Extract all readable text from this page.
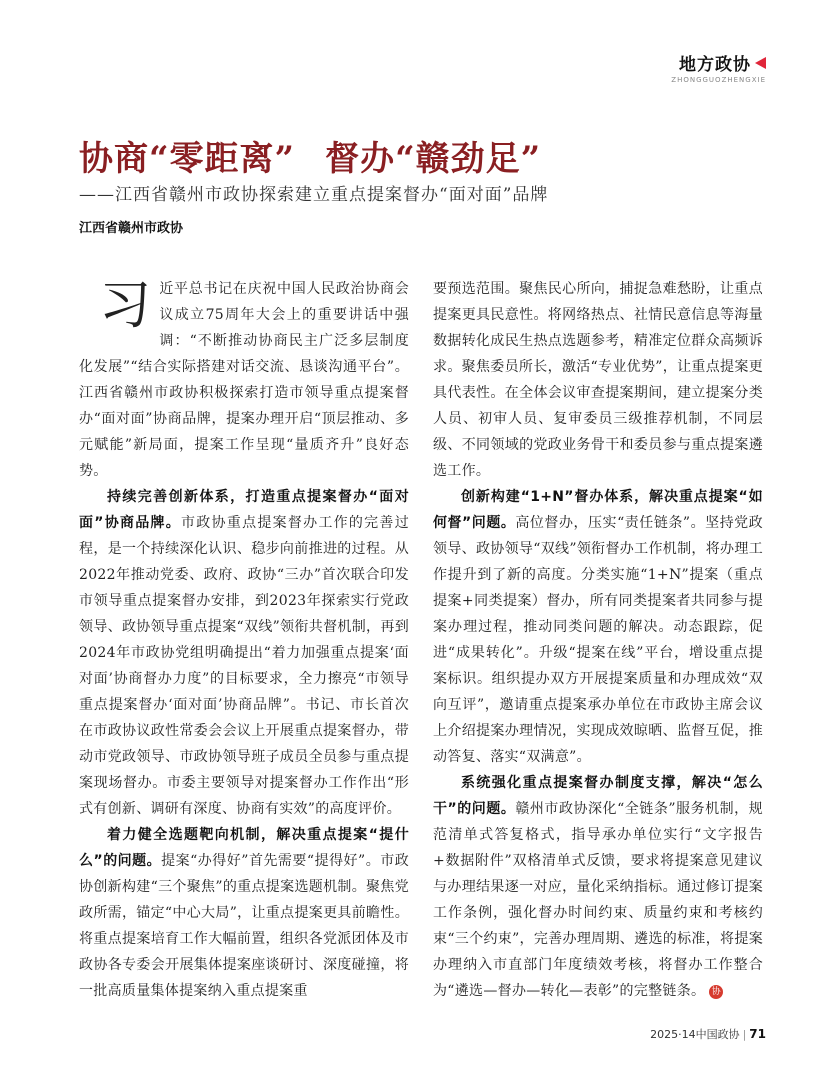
地方政协
ZHONGGUOZHENGXIE
协商“零距离” 督办“赣劲足”
——江西省赣州市政协探索建立重点提案督办“面对面”品牌
江西省赣州市政协

习近平总书记在庆祝中国人民政治协商会议成立75周年大会上的重要讲话中强调：“不断推动协商民主广泛多层制度化发展”“结合实际搭建对话交流、恳谈沟通平台”。江西省赣州市政协积极探索打造市领导重点提案督办“面对面”协商品牌，提案办理开启“顶层推动、多元赋能”新局面，提案工作呈现“量质齐升”良好态势。

持续完善创新体系，打造重点提案督办“面对面”协商品牌。市政协重点提案督办工作的完善过程，是一个持续深化认识、稳步向前推进的过程。从2022年推动党委、政府、政协“三办”首次联合印发市领导重点提案督办安排，到2023年探索实行党政领导、政协领导重点提案“双线”领衔共督机制，再到2024年市政协党组明确提出“着力加强重点提案‘面对面’协商督办力度”的目标要求，全力擦亮“市领导重点提案督办‘面对面’协商品牌”。书记、市长首次在市政协议政性常委会会议上开展重点提案督办，带动市党政领导、市政协领导班子成员全员参与重点提案现场督办。市委主要领导对提案督办工作作出“形式有创新、调研有深度、协商有实效”的高度评价。

着力健全选题靶向机制，解决重点提案“提什么”的问题。提案“办得好”首先需要“提得好”。市政协创新构建“三个聚焦”的重点提案选题机制。聚焦党政所需，锚定“中心大局”，让重点提案更具前瞻性。将重点提案培育工作大幅前置，组织各党派团体及市政协各专委会开展集体提案座谈研讨、深度碰撞，将一批高质量集体提案纳入重点提案重

要预选范围。聚焦民心所向，捕捉急难愁盼，让重点提案更具民意性。将网络热点、社情民意信息等海量数据转化成民生热点选题参考，精准定位群众高频诉求。聚焦委员所长，激活“专业优势”，让重点提案更具代表性。在全体会议审查提案期间，建立提案分类人员、初审人员、复审委员三级推荐机制，不同层级、不同领域的党政业务骨干和委员参与重点提案遴选工作。

创新构建“1+N”督办体系，解决重点提案“如何督”问题。高位督办，压实“责任链条”。坚持党政领导、政协领导“双线”领衔督办工作机制，将办理工作提升到了新的高度。分类实施“1+N”提案（重点提案+同类提案）督办，所有同类提案者共同参与提案办理过程，推动同类问题的解决。动态跟踪，促进“成果转化”。升级“提案在线”平台，增设重点提案标识。组织提办双方开展提案质量和办理成效“双向互评”，邀请重点提案承办单位在市政协主席会议上介绍提案办理情况，实现成效晾晒、监督互促，推动答复、落实“双满意”。

系统强化重点提案督办制度支撑，解决“怎么干”的问题。赣州市政协深化“全链条”服务机制，规范清单式答复格式，指导承办单位实行“文字报告+数据附件”双格清单式反馈，要求将提案意见建议与办理结果逐一对应，量化采纳指标。通过修订提案工作条例，强化督办时间约束、质量约束和考核约束“三个约束”，完善办理周期、遴选的标准，将提案办理纳入市直部门年度绩效考核，将督办工作整合为“遴选—督办—转化—表彰”的完整链条。 协

2025·14中国政协 | 71
